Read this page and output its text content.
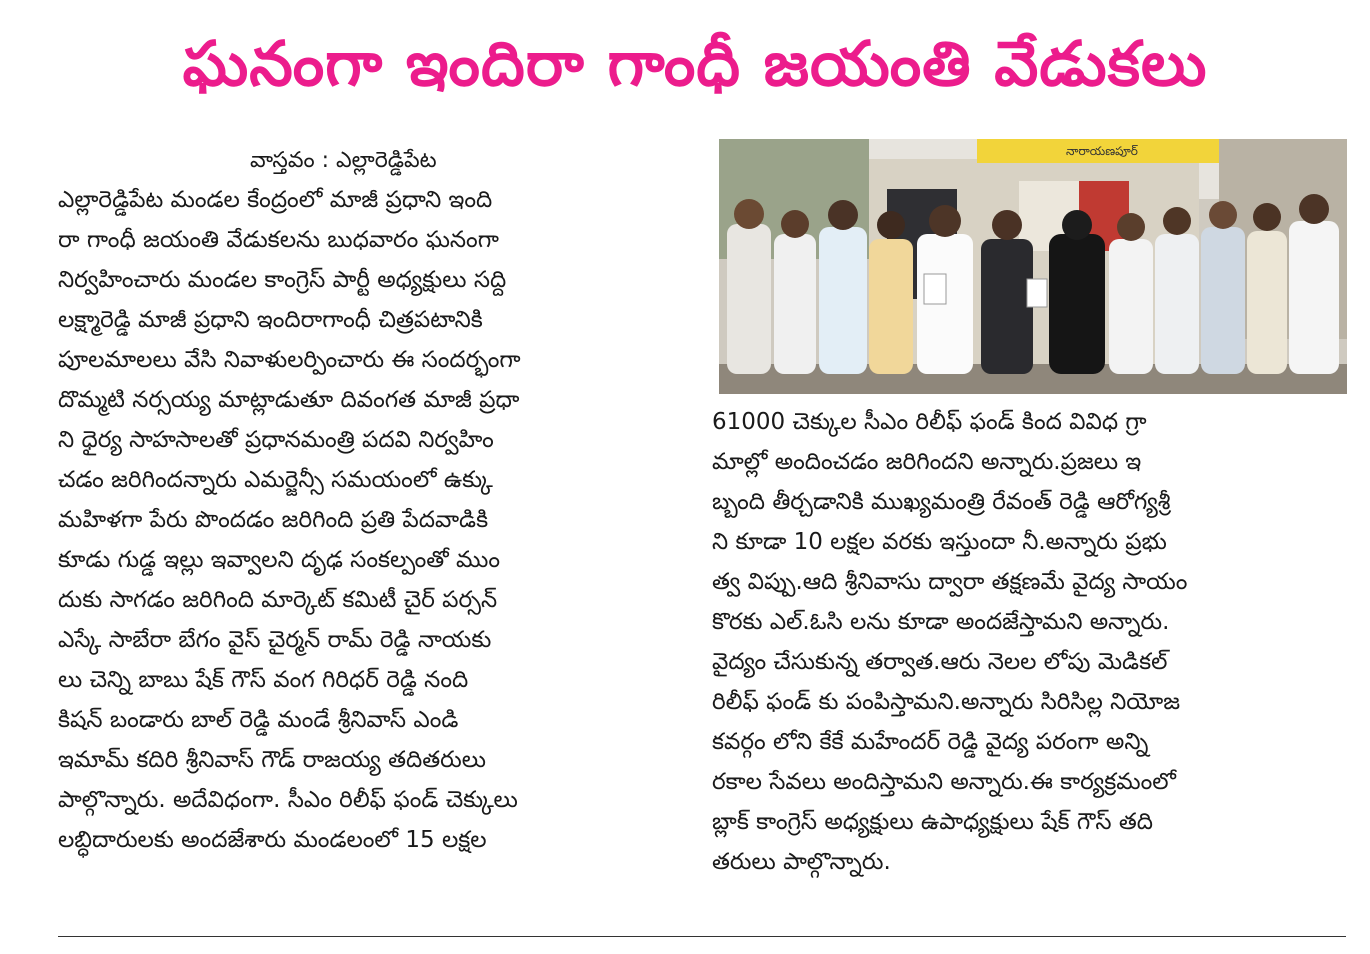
ఘనంగా ఇందిరా గాంధీ జయంతి వేడుకలు
వాస్తవం : ఎల్లారెడ్డిపేట
ఎల్లారెడ్డిపేట మండల కేంద్రంలో మాజీ ప్రధాని ఇంది
రా గాంధీ జయంతి వేడుకలను బుధవారం ఘనంగా
నిర్వహించారు మండల కాంగ్రెస్ పార్టీ అధ్యక్షులు సద్ది
లక్ష్మారెడ్డి మాజీ ప్రధాని ఇందిరాగాంధీ చిత్రపటానికి
పూలమాలలు వేసి నివాళులర్పించారు ఈ సందర్భంగా
దొమ్మటి నర్సయ్య మాట్లాడుతూ దివంగత మాజీ ప్రధా
ని ధైర్య సాహసాలతో ప్రధానమంత్రి పదవి నిర్వహిం
చడం జరిగిందన్నారు ఎమర్జెన్సీ సమయంలో ఉక్కు
మహిళగా పేరు పొందడం జరిగింది ప్రతి పేదవాడికి
కూడు గుడ్డ ఇల్లు ఇవ్వాలని దృఢ సంకల్పంతో ముం
దుకు సాగడం జరిగింది మార్కెట్ కమిటీ చైర్ పర్సన్
ఎస్కే సాబేరా బేగం వైస్ చైర్మన్ రామ్ రెడ్డి నాయకు
లు చెన్ని బాబు షేక్ గౌస్ వంగ గిరిధర్ రెడ్డి నంది
కిషన్ బండారు బాల్ రెడ్డి మండే శ్రీనివాస్ ఎండి
ఇమామ్ కదిరి శ్రీనివాస్ గౌడ్ రాజయ్య తదితరులు
పాల్గొన్నారు. అదేవిధంగా. సీఎం రిలీఫ్ ఫండ్ చెక్కులు
లబ్ధిదారులకు అందజేశారు మండలంలో 15 లక్షల
నారాయణపూర్
61000 చెక్కుల సీఎం రిలీఫ్ ఫండ్ కింద వివిధ గ్రా
మాల్లో అందించడం జరిగిందని అన్నారు.ప్రజలు ఇ
బ్బంది తీర్చడానికి ముఖ్యమంత్రి రేవంత్ రెడ్డి ఆరోగ్యశ్రీ
ని కూడా 10 లక్షల వరకు ఇస్తుందా నీ.అన్నారు ప్రభు
త్వ విప్పు.ఆది శ్రీనివాసు ద్వారా తక్షణమే వైద్య సాయం
కొరకు ఎల్.ఓసి లను కూడా అందజేస్తామని అన్నారు.
వైద్యం చేసుకున్న తర్వాత.ఆరు నెలల లోపు మెడికల్
రిలీఫ్ ఫండ్ కు పంపిస్తామని.అన్నారు సిరిసిల్ల నియోజ
కవర్గం లోని కేకే మహేందర్ రెడ్డి వైద్య పరంగా అన్ని
రకాల సేవలు అందిస్తామని అన్నారు.ఈ కార్యక్రమంలో
బ్లాక్ కాంగ్రెస్ అధ్యక్షులు ఉపాధ్యక్షులు షేక్ గౌస్ తది
తరులు పాల్గొన్నారు.
